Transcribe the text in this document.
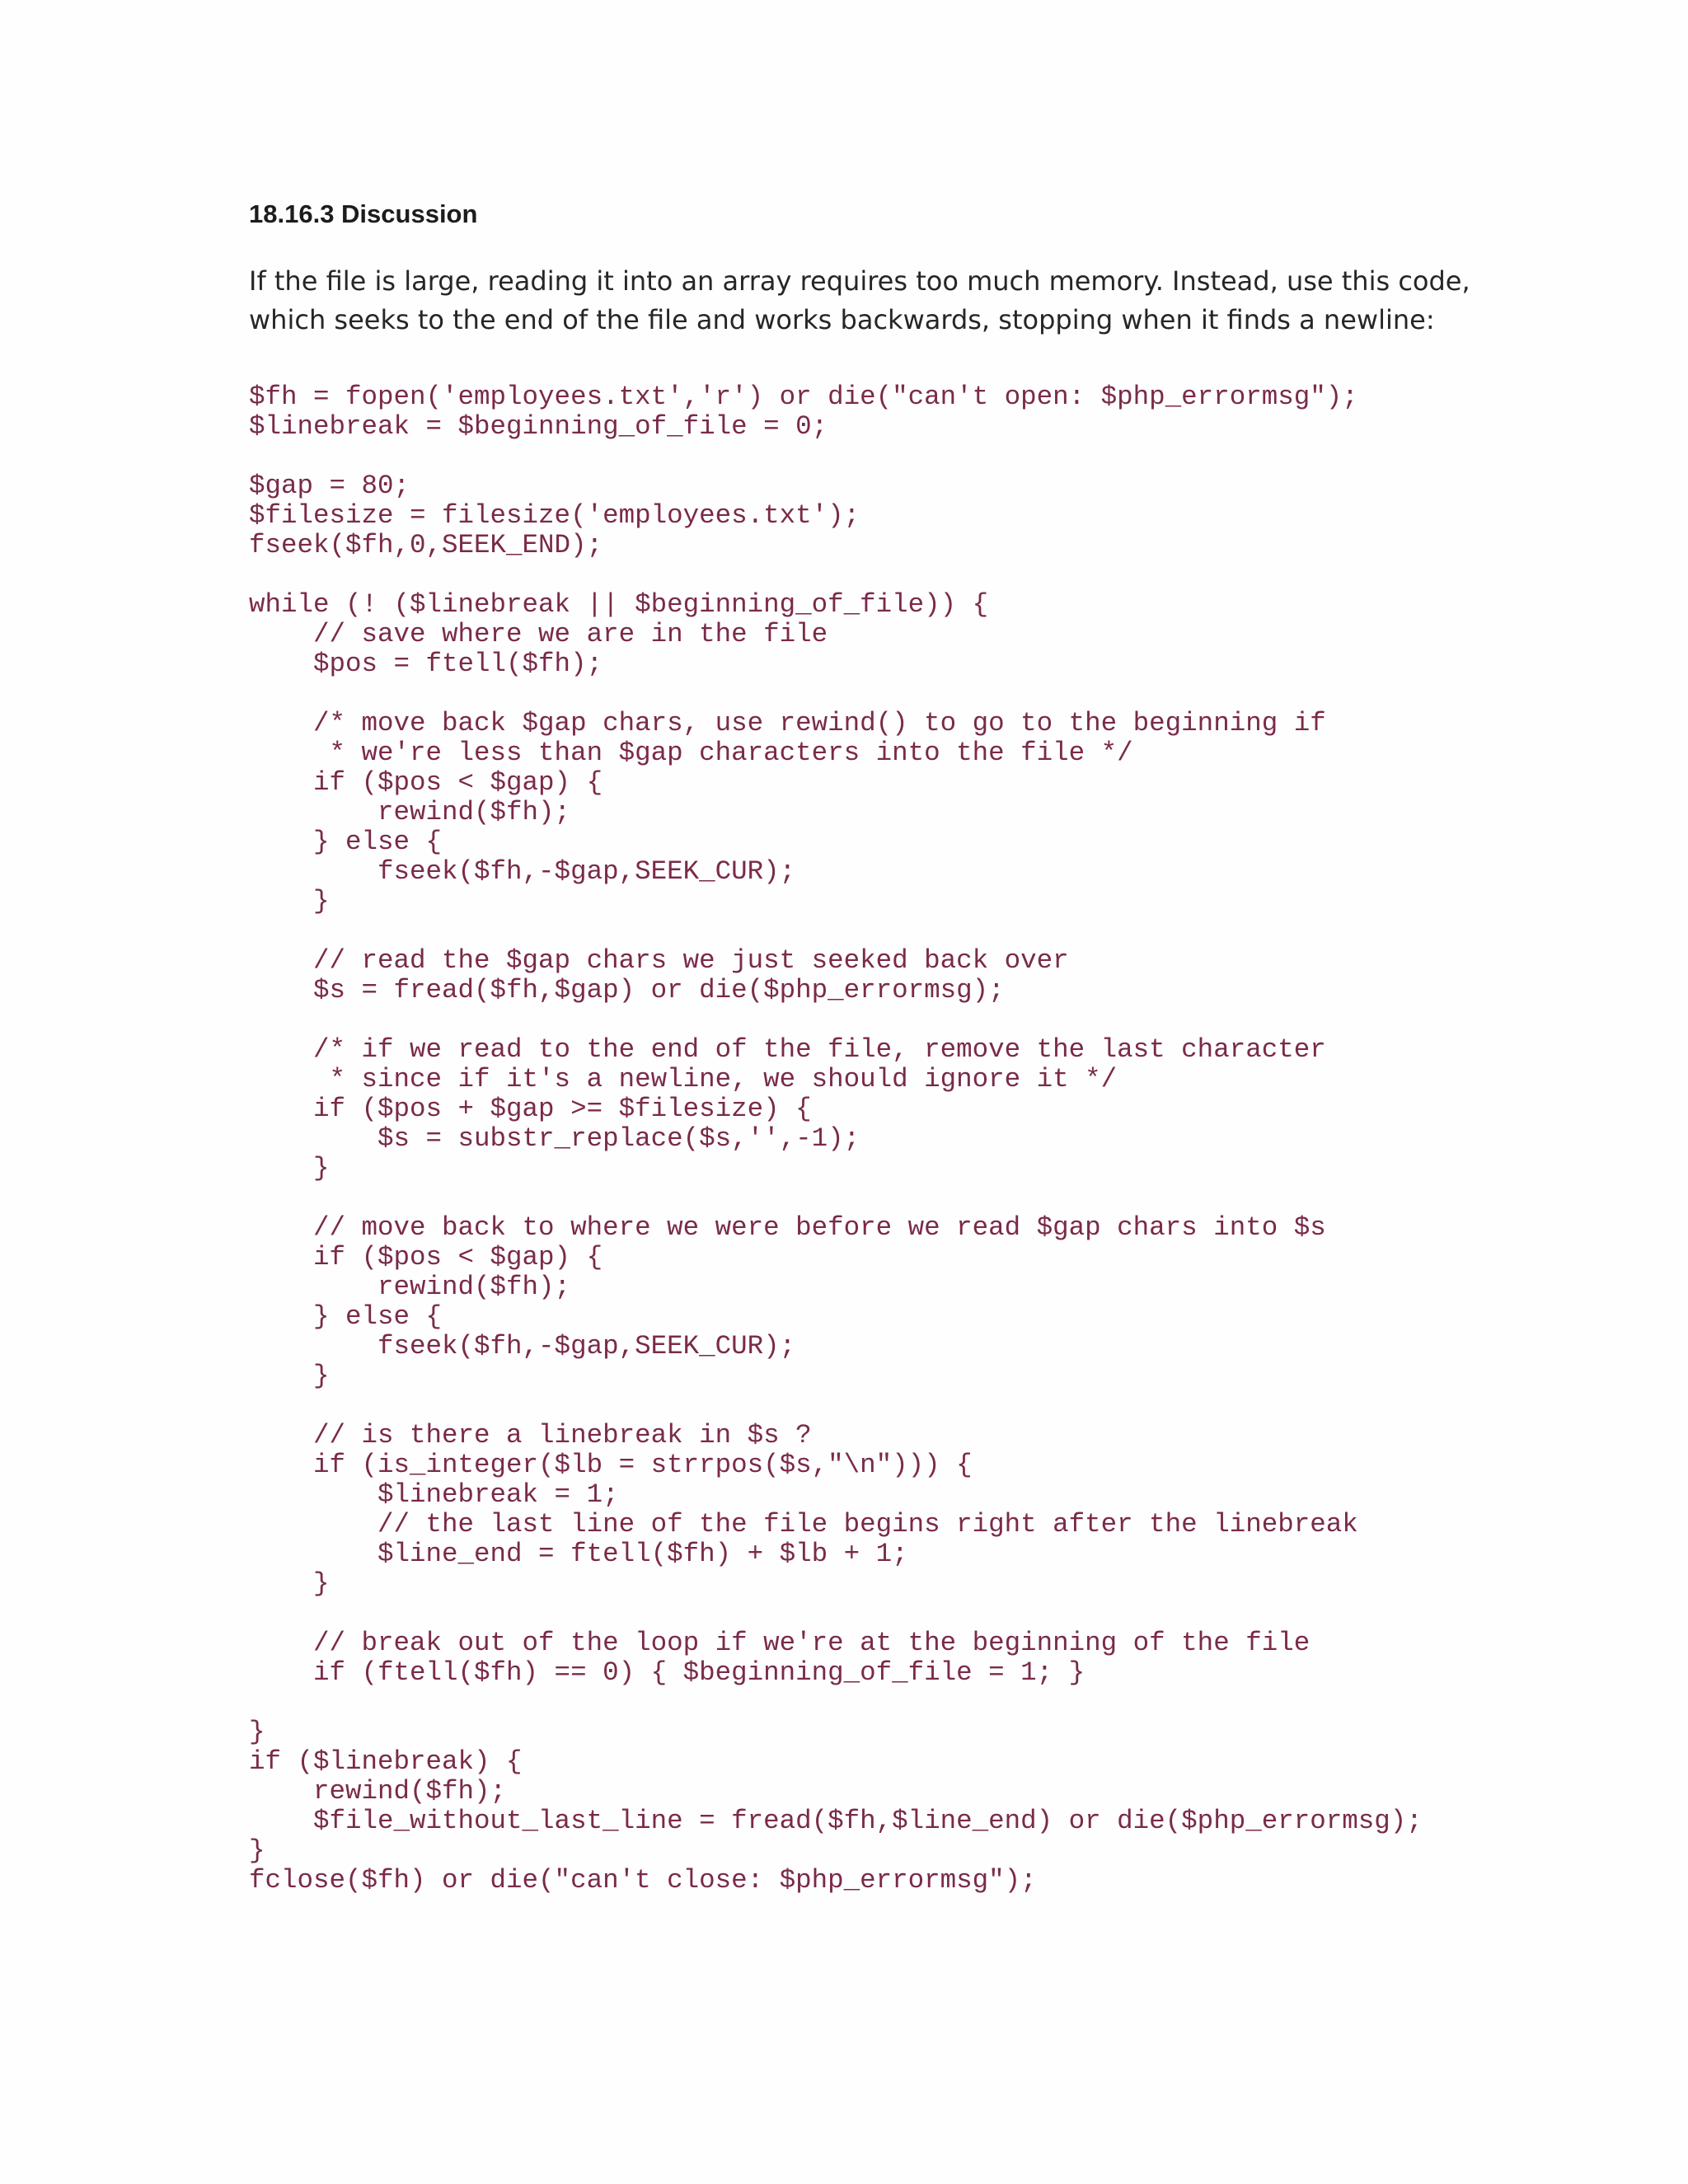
18.16.3 Discussion
If the file is large, reading it into an array requires too much memory. Instead, use this code,
which seeks to the end of the file and works backwards, stopping when it finds a newline:
$fh = fopen('employees.txt','r') or die("can't open: $php_errormsg");
$linebreak = $beginning_of_file = 0;
$gap = 80;
$filesize = filesize('employees.txt');
fseek($fh,0,SEEK_END);
while (! ($linebreak || $beginning_of_file)) {
// save where we are in the file
$pos = ftell($fh);
/* move back $gap chars, use rewind() to go to the beginning if
* we're less than $gap characters into the file */
if ($pos < $gap) {
rewind($fh);
} else {
fseek($fh,-$gap,SEEK_CUR);
}
// read the $gap chars we just seeked back over
$s = fread($fh,$gap) or die($php_errormsg);
/* if we read to the end of the file, remove the last character
* since if it's a newline, we should ignore it */
if ($pos + $gap >= $filesize) {
$s = substr_replace($s,'',-1);
}
// move back to where we were before we read $gap chars into $s
if ($pos < $gap) {
rewind($fh);
} else {
fseek($fh,-$gap,SEEK_CUR);
}
// is there a linebreak in $s ?
if (is_integer($lb = strrpos($s,"\n"))) {
$linebreak = 1;
// the last line of the file begins right after the linebreak
$line_end = ftell($fh) + $lb + 1;
}
// break out of the loop if we're at the beginning of the file
if (ftell($fh) == 0) { $beginning_of_file = 1; }
}
if ($linebreak) {
rewind($fh);
$file_without_last_line = fread($fh,$line_end) or die($php_errormsg);
}
fclose($fh) or die("can't close: $php_errormsg");
